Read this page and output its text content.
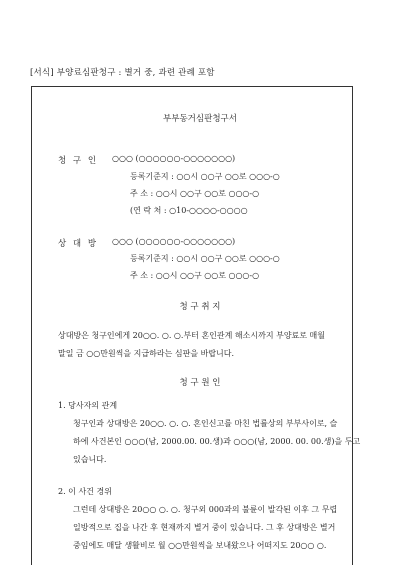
[서식] 부양료심판청구 : 별거 중, 과련 관례 포함
부부동거심판청구서
청 구 인 ○○○ (○○○○○○-○○○○○○○)
등록기준지 : ○○시 ○○구 ○○로 ○○○-○
주 소 : ○○시 ○○구 ○○로 ○○○-○
(연 락 처 : ○10-○○○○-○○○○
상 대 방 ○○○ (○○○○○○-○○○○○○○)
등록기준지 : ○○시 ○○구 ○○로 ○○○-○
주 소 : ○○시 ○○구 ○○로 ○○○-○
청 구 취 지
상대방은 청구인에게 20○○. ○. ○.부터 혼인관계 해소시까지 부양료로 매월
말일 금 ○○만원씩을 지급하라는 심판을 바랍니다.
청 구 원 인
1. 당사자의 관계
청구인과 상대방은 20○○. ○. ○. 혼인신고를 마친 법률상의 부부사이로, 슬
하에 사건본인 ○○○(남, 2000.00. 00.생)과 ○○○(남, 2000. 00. 00.생)을 두고
있습니다.
2. 이 사건 경위
그런데 상대방은 20○○ ○. ○. 청구외 000과의 불륜이 발각된 이후 그 무렵
일방적으로 집을 나간 후 현재까지 별거 중이 있습니다. 그 후 상대방은 별거
중임에도 매달 생활비로 월 ○○만원씩을 보내왔으나 어떠지도 20○○ ○.
